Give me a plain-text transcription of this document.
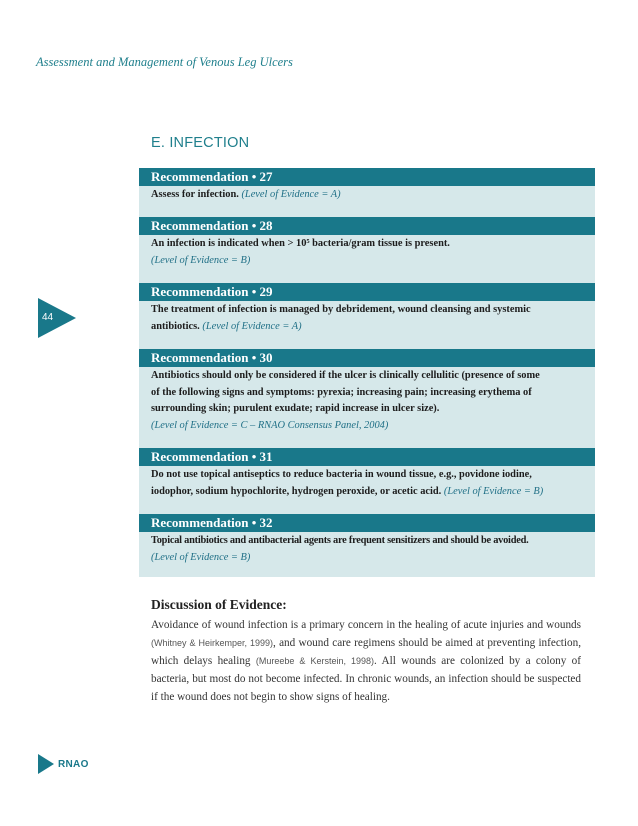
Assessment and Management of Venous Leg Ulcers
E. INFECTION
44
Recommendation • 27
Assess for infection. (Level of Evidence = A)
Recommendation • 28
An infection is indicated when > 10⁵ bacteria/gram tissue is present.
(Level of Evidence = B)
Recommendation • 29
The treatment of infection is managed by debridement, wound cleansing and systemic
antibiotics. (Level of Evidence = A)
Recommendation • 30
Antibiotics should only be considered if the ulcer is clinically cellulitic (presence of some
of the following signs and symptoms: pyrexia; increasing pain; increasing erythema of
surrounding skin; purulent exudate; rapid increase in ulcer size).
(Level of Evidence = C – RNAO Consensus Panel, 2004)
Recommendation • 31
Do not use topical antiseptics to reduce bacteria in wound tissue, e.g., povidone iodine,
iodophor, sodium hypochlorite, hydrogen peroxide, or acetic acid. (Level of Evidence = B)
Recommendation • 32
Topical antibiotics and antibacterial agents are frequent sensitizers and should be avoided.
(Level of Evidence = B)
Discussion of Evidence:
Avoidance of wound infection is a primary concern in the healing of acute injuries and wounds (Whitney & Heirkemper, 1999), and wound care regimens should be aimed at preventing infection, which delays healing (Mureebe & Kerstein, 1998). All wounds are colonized by a colony of bacteria, but most do not become infected. In chronic wounds, an infection should be suspected if the wound does not begin to show signs of healing.
RNAO
